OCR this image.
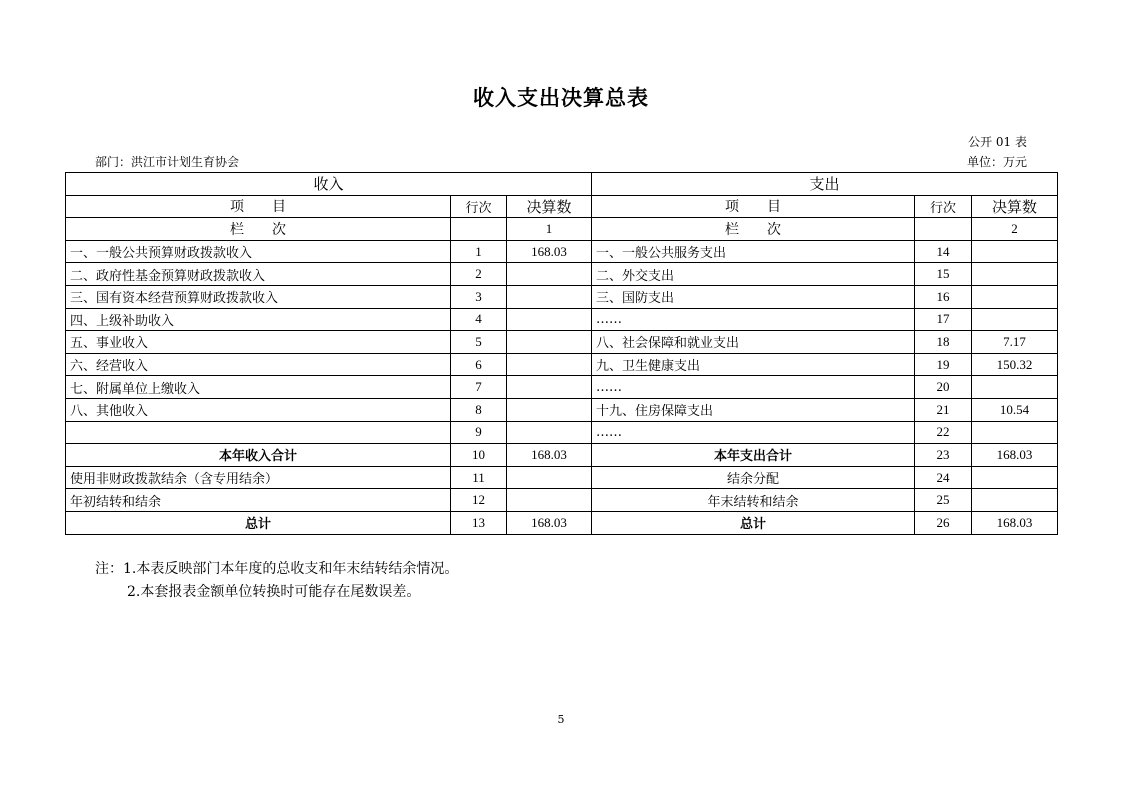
收入支出决算总表
公开 01 表
部门：洪江市计划生育协会	单位：万元
收入			支出		
项　　目	行次	决算数	项　　目	行次	决算数
栏　　次		1	栏　　次		2
一、一般公共预算财政拨款收入	1	168.03	一、一般公共服务支出	14	
二、政府性基金预算财政拨款收入	2		二、外交支出	15	
三、国有资本经营预算财政拨款收入	3		三、国防支出	16	
四、上级补助收入	4		……	17	
五、事业收入	5		八、社会保障和就业支出	18	7.17
六、经营收入	6		九、卫生健康支出	19	150.32
七、附属单位上缴收入	7		……	20	
八、其他收入	8		十九、住房保障支出	21	10.54
	9		……	22	
本年收入合计	10	168.03	本年支出合计	23	168.03
使用非财政拨款结余（含专用结余）	11		结余分配	24	
年初结转和结余	12		年末结转和结余	25	
总计	13	168.03	总计	26	168.03
注：1.本表反映部门本年度的总收支和年末结转结余情况。
2.本套报表金额单位转换时可能存在尾数误差。
5
